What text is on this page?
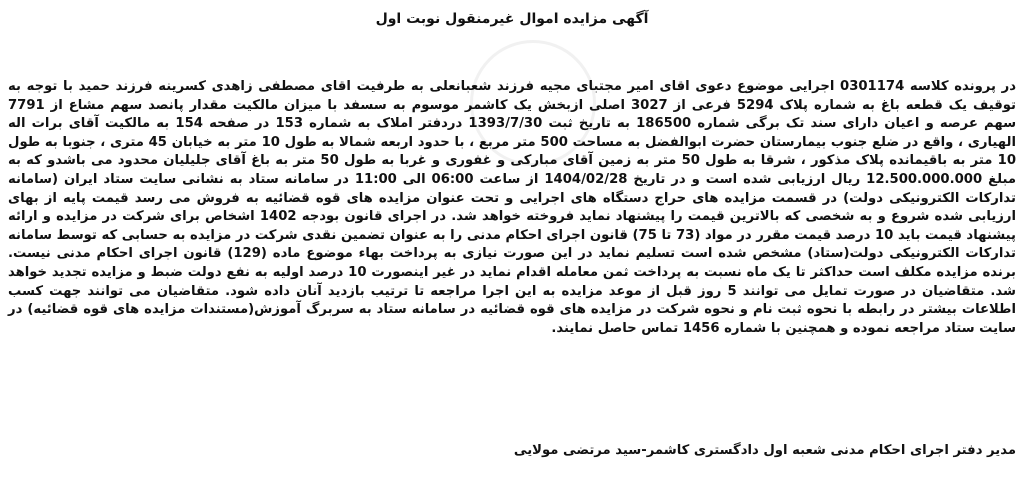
آگهی مزایده اموال غیرمنقول نوبت اول
در پرونده کلاسه 0301174 اجرایی موضوع دعوی اقای امیر مجتبای مجیه فرزند شعبانعلی به طرفیت اقای مصطفی زاهدی کسرینه فرزند حمید با توجه به توقیف یک قطعه باغ به شماره پلاک 5294 فرعی از 3027 اصلی ازبخش یک کاشمر موسوم به سسفد با میزان مالکیت مقدار پانصد سهم مشاع از 7791 سهم عرصه و اعیان دارای سند تک برگی شماره 186500 به تاریخ ثبت 1393/7/30 دردفتر املاک به شماره 153 در صفحه 154 به مالکیت آقای برات اله الهیاری ، واقع در ضلع جنوب بیمارستان حضرت ابوالفضل به مساحت 500 متر مربع ، با حدود اربعه شمالا به طول 10 متر به خیابان 45 متری ، جنوبا به طول 10 متر به باقیمانده پلاک مذکور ، شرقا به طول 50 متر به زمین آقای مبارکی و غفوری و غربا به طول 50 متر به باغ آقای جلیلیان محدود می باشدو که به مبلغ 12.500.000.000 ریال ارزیابی شده است و در تاریخ 1404/02/28 از ساعت 06:00 الی 11:00 در سامانه ستاد به نشانی سایت ستاد ایران (سامانه تدارکات الکترونیکی دولت) در قسمت مزایده های حراج دستگاه های اجرایی و تحت عنوان مزایده های قوه قضائیه به فروش می رسد قیمت پایه از بهای ارزیابی شده شروع و به شخصی که بالاترین قیمت را پیشنهاد نماید فروخته خواهد شد. در اجرای قانون بودجه 1402 اشخاص برای شرکت در مزایده و ارائه پیشنهاد قیمت باید 10 درصد قیمت مقرر در مواد (73 تا 75) قانون اجرای احکام مدنی را به عنوان تضمین نقدی شرکت در مزایده به حسابی که توسط سامانه تدارکات الکترونیکی دولت(ستاد) مشخص شده است تسلیم نماید در این صورت نیازی به پرداخت بهاء موضوع ماده (129) قانون اجرای احکام مدنی نیست. برنده مزایده مکلف است حداکثر تا یک ماه نسبت به پرداخت ثمن معامله اقدام نماید در غیر اینصورت 10 درصد اولیه به نفع دولت ضبط و مزایده تجدید خواهد شد. متقاضیان در صورت تمایل می توانند 5 روز قبل از موعد مزایده به این اجرا مراجعه تا ترتیب بازدید آنان داده شود. متقاضیان می توانند جهت کسب اطلاعات بیشتر در رابطه با نحوه ثبت نام و نحوه شرکت در مزایده های قوه قضائیه در سامانه ستاد به سربرگ آموزش(مستندات مزایده های قوه قضائیه) در سایت ستاد مراجعه نموده و همچنین با شماره 1456 تماس حاصل نمایند.
مدیر دفتر اجرای احکام مدنی شعبه اول دادگستری کاشمر-سید مرتضی مولایی
